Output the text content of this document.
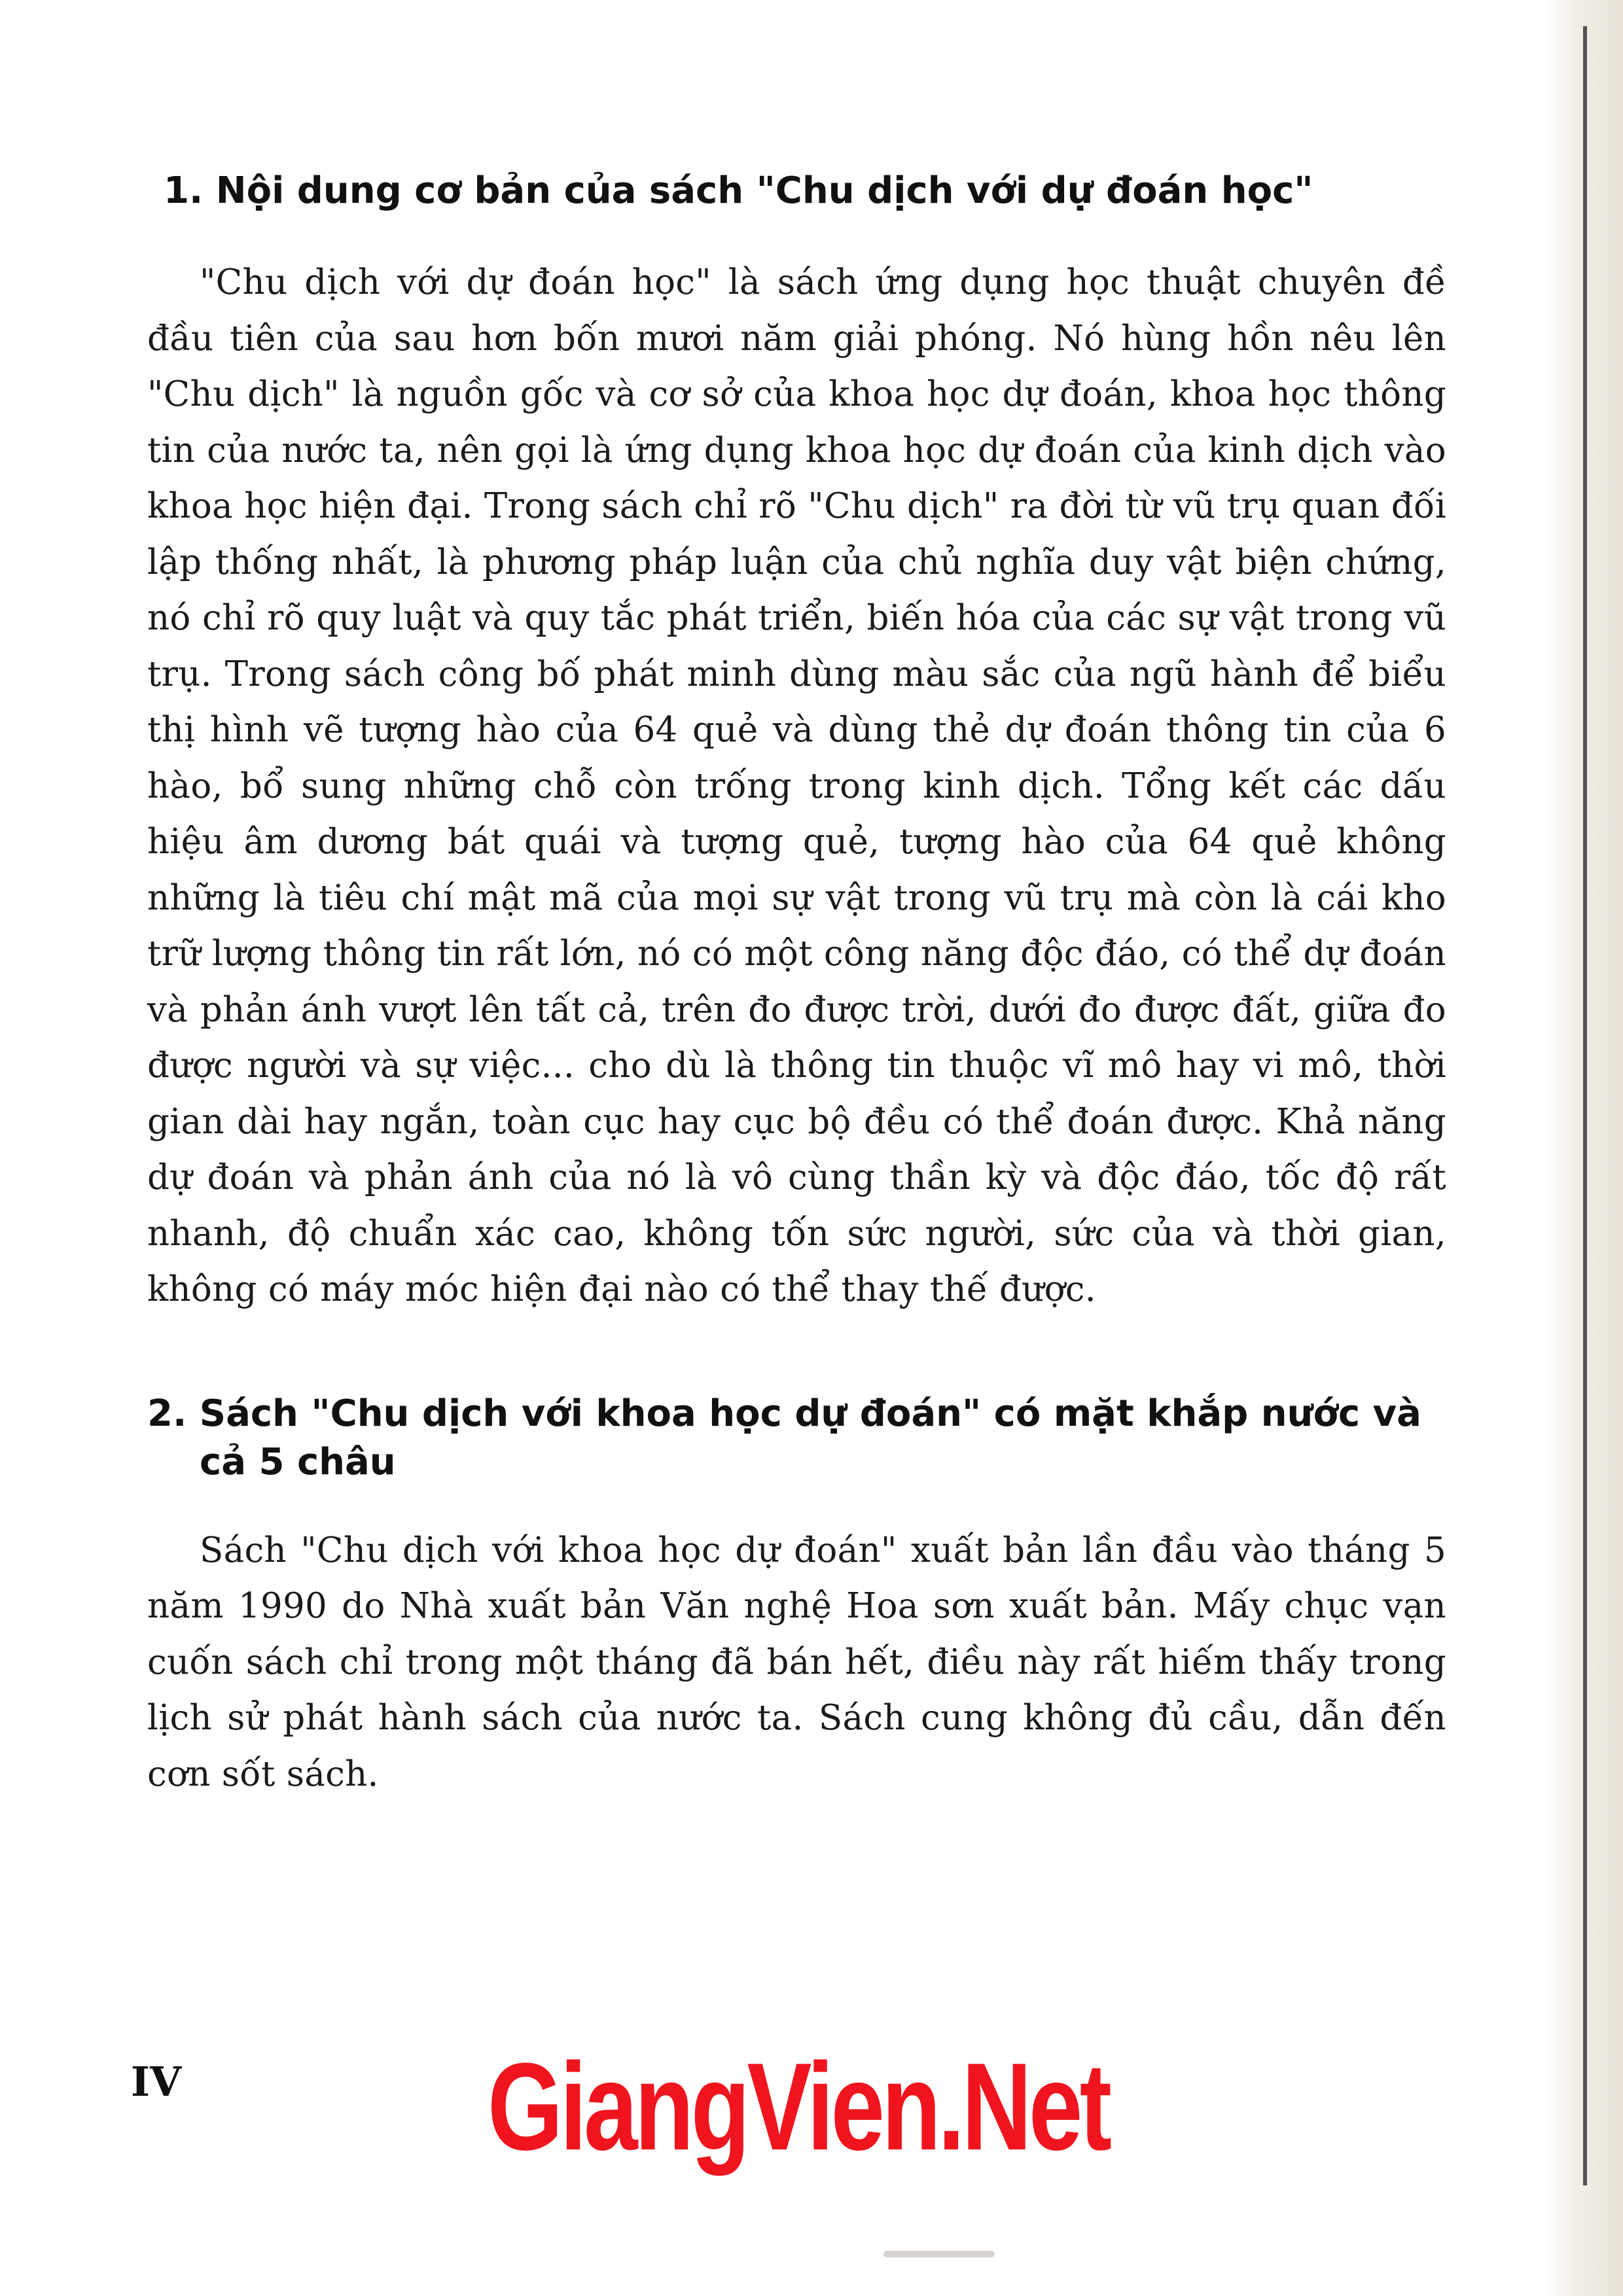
1. Nội dung cơ bản của sách "Chu dịch với dự đoán học"

"Chu dịch với dự đoán học" là sách ứng dụng học thuật chuyên đề đầu tiên của sau hơn bốn mươi năm giải phóng. Nó hùng hồn nêu lên "Chu dịch" là nguồn gốc và cơ sở của khoa học dự đoán, khoa học thông tin của nước ta, nên gọi là ứng dụng khoa học dự đoán của kinh dịch vào khoa học hiện đại. Trong sách chỉ rõ "Chu dịch" ra đời từ vũ trụ quan đối lập thống nhất, là phương pháp luận của chủ nghĩa duy vật biện chứng, nó chỉ rõ quy luật và quy tắc phát triển, biến hóa của các sự vật trong vũ trụ. Trong sách công bố phát minh dùng màu sắc của ngũ hành để biểu thị hình vẽ tượng hào của 64 quẻ và dùng thẻ dự đoán thông tin của 6 hào, bổ sung những chỗ còn trống trong kinh dịch. Tổng kết các dấu hiệu âm dương bát quái và tượng quẻ, tượng hào của 64 quẻ không những là tiêu chí mật mã của mọi sự vật trong vũ trụ mà còn là cái kho trữ lượng thông tin rất lớn, nó có một công năng độc đáo, có thể dự đoán và phản ánh vượt lên tất cả, trên đo được trời, dưới đo được đất, giữa đo được người và sự việc... cho dù là thông tin thuộc vĩ mô hay vi mô, thời gian dài hay ngắn, toàn cục hay cục bộ đều có thể đoán được. Khả năng dự đoán và phản ánh của nó là vô cùng thần kỳ và độc đáo, tốc độ rất nhanh, độ chuẩn xác cao, không tốn sức người, sức của và thời gian, không có máy móc hiện đại nào có thể thay thế được.

2. Sách "Chu dịch với khoa học dự đoán" có mặt khắp nước và cả 5 châu

Sách "Chu dịch với khoa học dự đoán" xuất bản lần đầu vào tháng 5 năm 1990 do Nhà xuất bản Văn nghệ Hoa sơn xuất bản. Mấy chục vạn cuốn sách chỉ trong một tháng đã bán hết, điều này rất hiếm thấy trong lịch sử phát hành sách của nước ta. Sách cung không đủ cầu, dẫn đến cơn sốt sách.

IV GiangVien.Net
